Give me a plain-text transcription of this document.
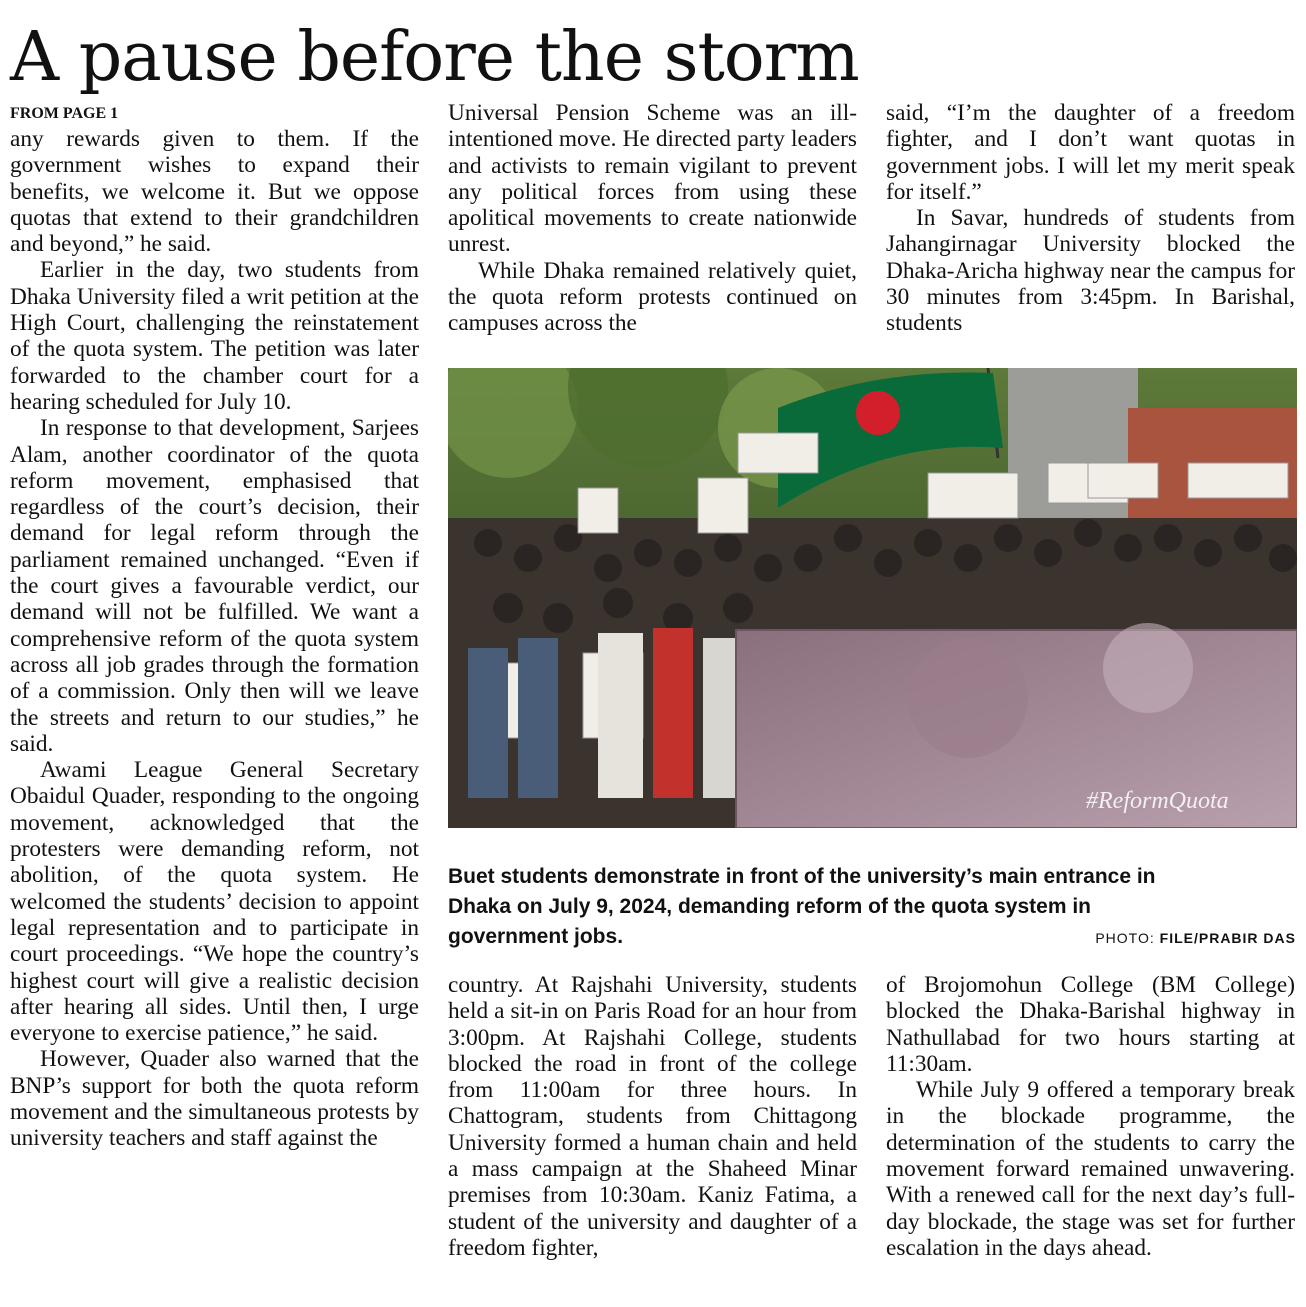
A pause before the storm
FROM PAGE 1

any rewards given to them. If the government wishes to expand their benefits, we welcome it. But we oppose quotas that extend to their grandchildren and beyond,” he said.

Earlier in the day, two students from Dhaka University filed a writ petition at the High Court, challenging the reinstatement of the quota system. The petition was later forwarded to the chamber court for a hearing scheduled for July 10.

In response to that development, Sarjees Alam, another coordinator of the quota reform movement, emphasised that regardless of the court’s decision, their demand for legal reform through the parliament remained unchanged. “Even if the court gives a favourable verdict, our demand will not be fulfilled. We want a comprehensive reform of the quota system across all job grades through the formation of a commission. Only then will we leave the streets and return to our studies,” he said.

Awami League General Secretary Obaidul Quader, responding to the ongoing movement, acknowledged that the protesters were demanding reform, not abolition, of the quota system. He welcomed the students’ decision to appoint legal representation and to participate in court proceedings. “We hope the country’s highest court will give a realistic decision after hearing all sides. Until then, I urge everyone to exercise patience,” he said.

However, Quader also warned that the BNP’s support for both the quota reform movement and the simultaneous protests by university teachers and staff against the

Universal Pension Scheme was an ill-intentioned move. He directed party leaders and activists to remain vigilant to prevent any political forces from using these apolitical movements to create nationwide unrest.

While Dhaka remained relatively quiet, the quota reform protests continued on campuses across the

said, “I’m the daughter of a freedom fighter, and I don’t want quotas in government jobs. I will let my merit speak for itself.”

In Savar, hundreds of students from Jahangirnagar University blocked the Dhaka-Aricha highway near the campus for 30 minutes from 3:45pm. In Barishal, students

#ReformQuota

Buet students demonstrate in front of the university’s main entrance in Dhaka on July 9, 2024, demanding reform of the quota system in government jobs.	PHOTO: FILE/PRABIR DAS

country. At Rajshahi University, students held a sit-in on Paris Road for an hour from 3:00pm. At Rajshahi College, students blocked the road in front of the college from 11:00am for three hours. In Chattogram, students from Chittagong University formed a human chain and held a mass campaign at the Shaheed Minar premises from 10:30am. Kaniz Fatima, a student of the university and daughter of a freedom fighter,

of Brojomohun College (BM College) blocked the Dhaka-Barishal highway in Nathullabad for two hours starting at 11:30am.

While July 9 offered a temporary break in the blockade programme, the determination of the students to carry the movement forward remained unwavering. With a renewed call for the next day’s full-day blockade, the stage was set for further escalation in the days ahead.
